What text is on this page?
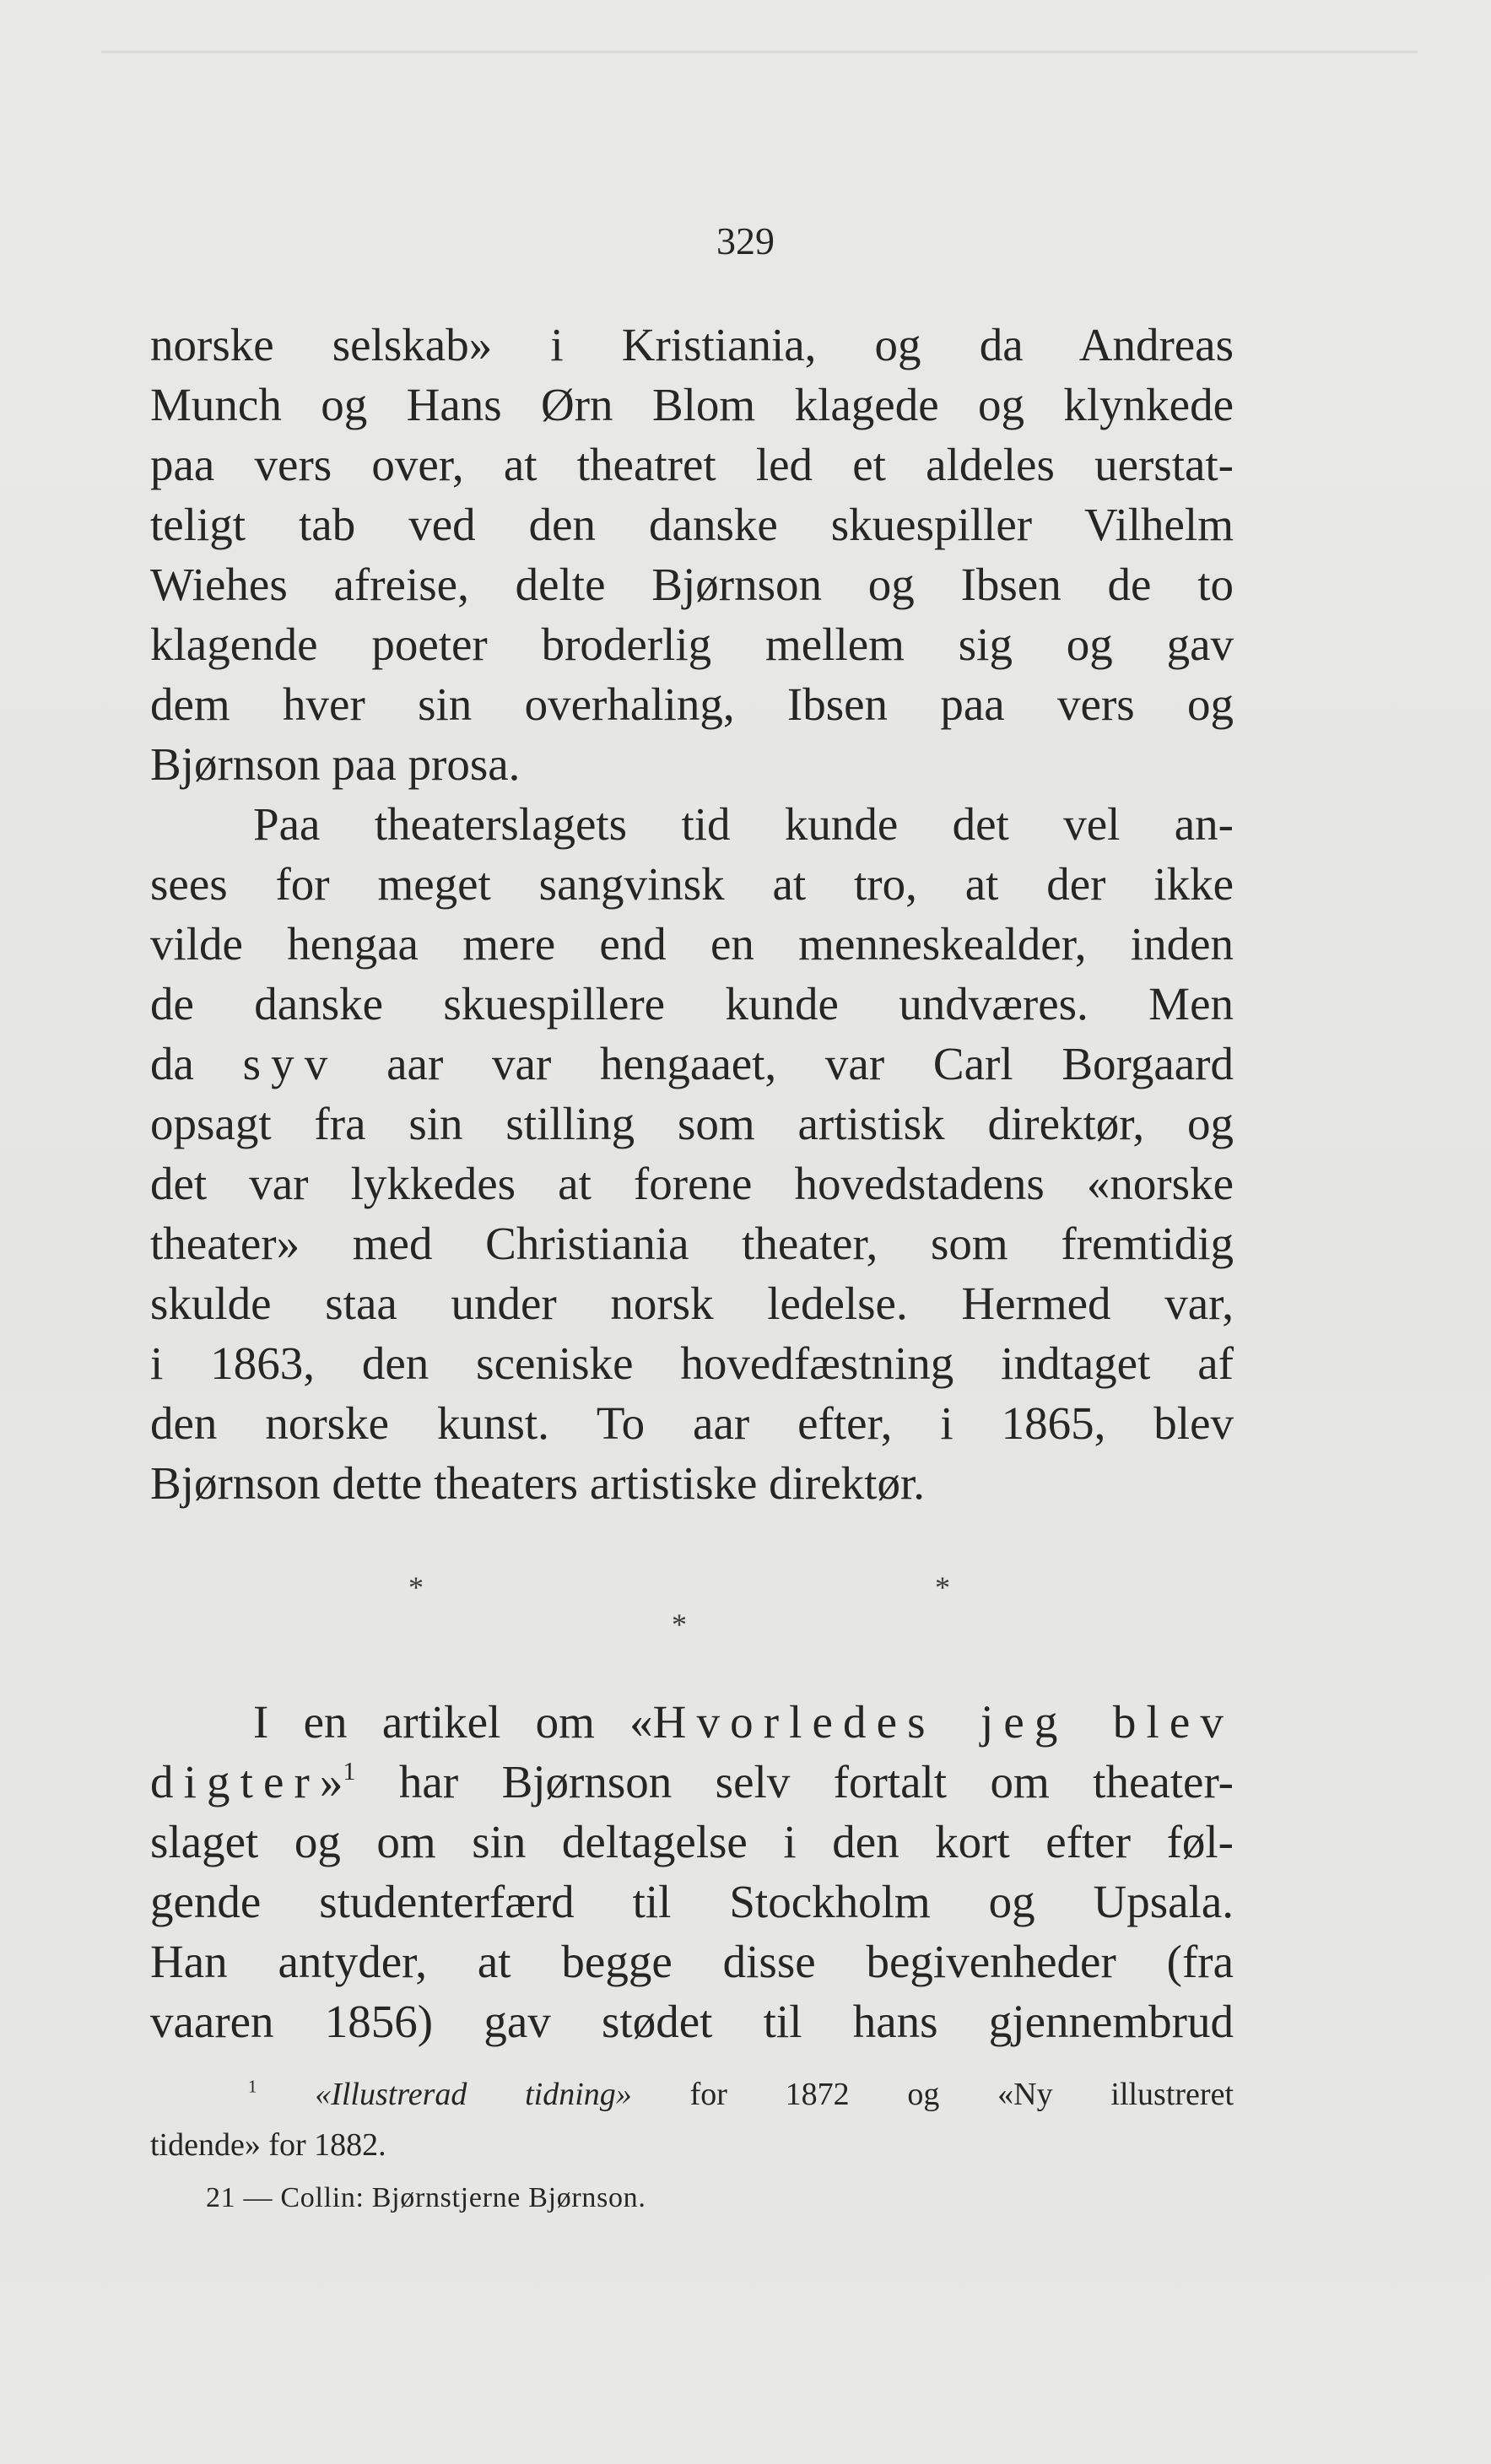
329
norske selskab» i Kristiania, og da Andreas
Munch og Hans Ørn Blom klagede og klynkede
paa vers over, at theatret led et aldeles uerstat-
teligt tab ved den danske skuespiller Vilhelm
Wiehes afreise, delte Bjørnson og Ibsen de to
klagende poeter broderlig mellem sig og gav
dem hver sin overhaling, Ibsen paa vers og
Bjørnson paa prosa.
Paa theaterslagets tid kunde det vel an-
sees for meget sangvinsk at tro, at der ikke
vilde hengaa mere end en menneskealder, inden
de danske skuespillere kunde undværes. Men
da syv aar var hengaaet, var Carl Borgaard
opsagt fra sin stilling som artistisk direktør, og
det var lykkedes at forene hovedstadens «norske
theater» med Christiania theater, som fremtidig
skulde staa under norsk ledelse. Hermed var,
i 1863, den sceniske hovedfæstning indtaget af
den norske kunst. To aar efter, i 1865, blev
Bjørnson dette theaters artistiske direktør.
*	*
*
I en artikel om «Hvorledes jeg blev
digter»$^1$ har Bjørnson selv fortalt om theater-
slaget og om sin deltagelse i den kort efter føl-
gende studenterfærd til Stockholm og Upsala.
Han antyder, at begge disse begivenheder (fra
vaaren 1856) gav stødet til hans gjennembrud
$^1$ «Illustrerad tidning» for 1872 og «Ny illustreret
tidende» for 1882.
21 — Collin: Bjørnstjerne Bjørnson.
